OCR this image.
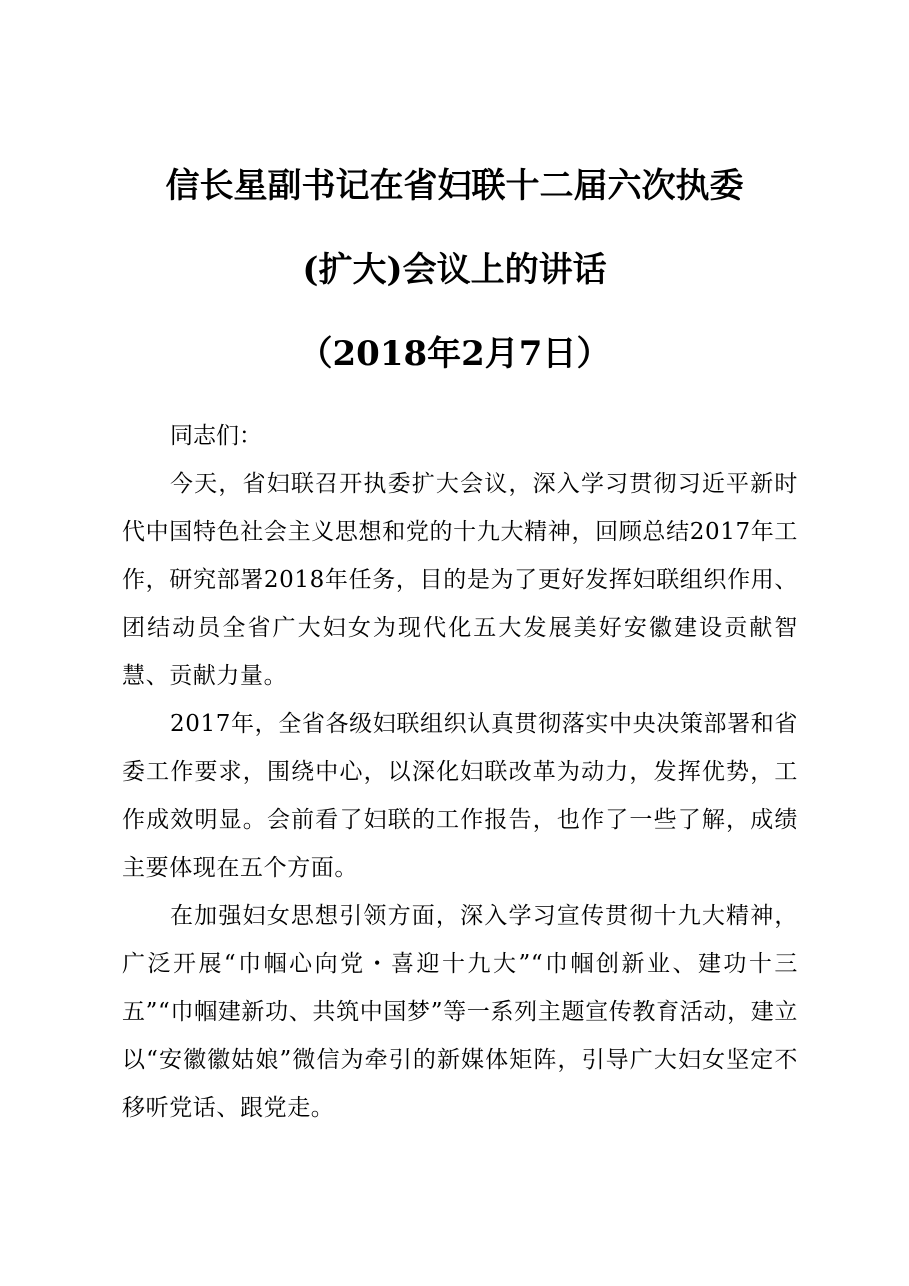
信长星副书记在省妇联十二届六次执委
(扩大)会议上的讲话
（2018年2月7日）
同志们：

今天，省妇联召开执委扩大会议，深入学习贯彻习近平新时代中国特色社会主义思想和党的十九大精神，回顾总结2017年工作，研究部署2018年任务，目的是为了更好发挥妇联组织作用、团结动员全省广大妇女为现代化五大发展美好安徽建设贡献智慧、贡献力量。

2017年，全省各级妇联组织认真贯彻落实中央决策部署和省委工作要求，围绕中心，以深化妇联改革为动力，发挥优势，工作成效明显。会前看了妇联的工作报告，也作了一些了解，成绩主要体现在五个方面。

在加强妇女思想引领方面，深入学习宣传贯彻十九大精神，广泛开展“巾帼心向党・喜迎十九大”“巾帼创新业、建功十三五”“巾帼建新功、共筑中国梦”等一系列主题宣传教育活动，建立以“安徽徽姑娘”微信为牵引的新媒体矩阵，引导广大妇女坚定不移听党话、跟党走。
